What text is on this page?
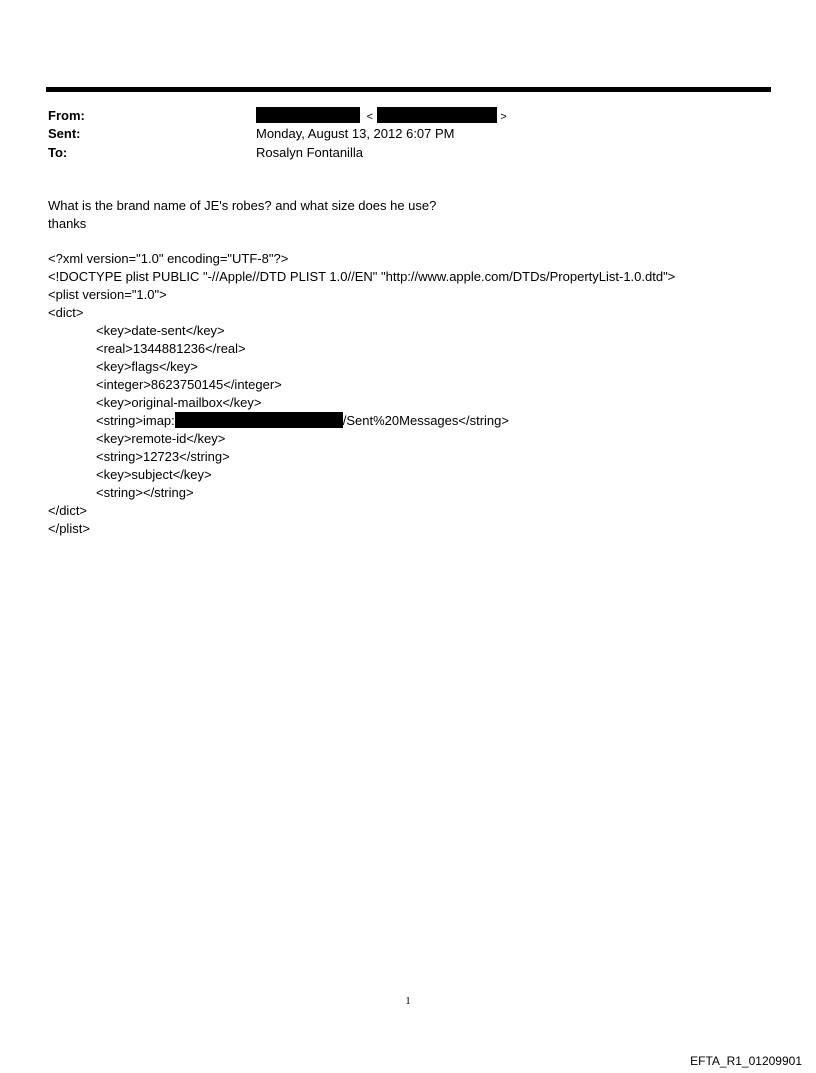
From:	<	>
Sent:	Monday, August 13, 2012 6:07 PM
To:	Rosalyn Fontanilla
What is the brand name of JE's robes? and what size does he use?
thanks
<?xml version="1.0" encoding="UTF-8"?>
<!DOCTYPE plist PUBLIC "-//Apple//DTD PLIST 1.0//EN" "http://www.apple.com/DTDs/PropertyList-1.0.dtd">
<plist version="1.0">
<dict>
<key>date-sent</key>
<real>1344881236</real>
<key>flags</key>
<integer>8623750145</integer>
<key>original-mailbox</key>
<string>imap:	/Sent%20Messages</string>
<key>remote-id</key>
<string>12723</string>
<key>subject</key>
<string></string>
</dict>
</plist>
1
EFTA_R1_01209901
